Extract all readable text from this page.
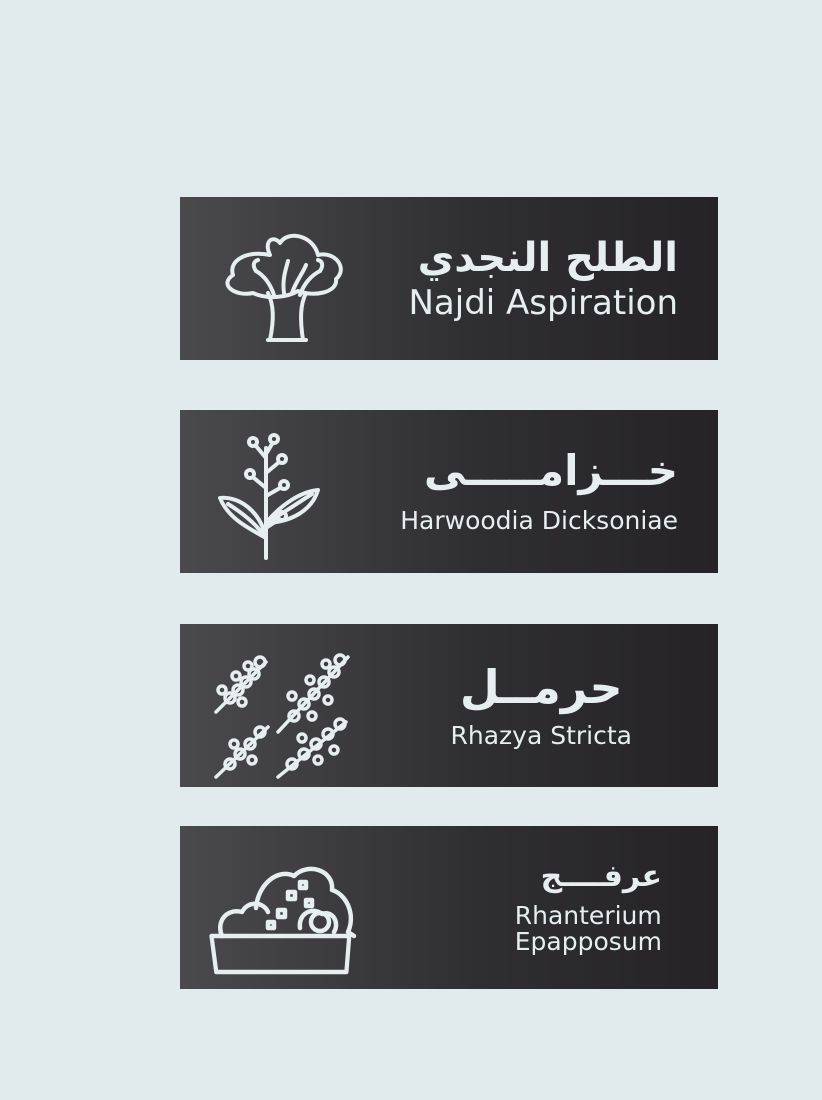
الطلح النجدي
Najdi Aspiration
خـــزامـــــى
Harwoodia Dicksoniae
حرمــل
Rhazya Stricta
عرفــــج
Rhanterium
Epapposum
